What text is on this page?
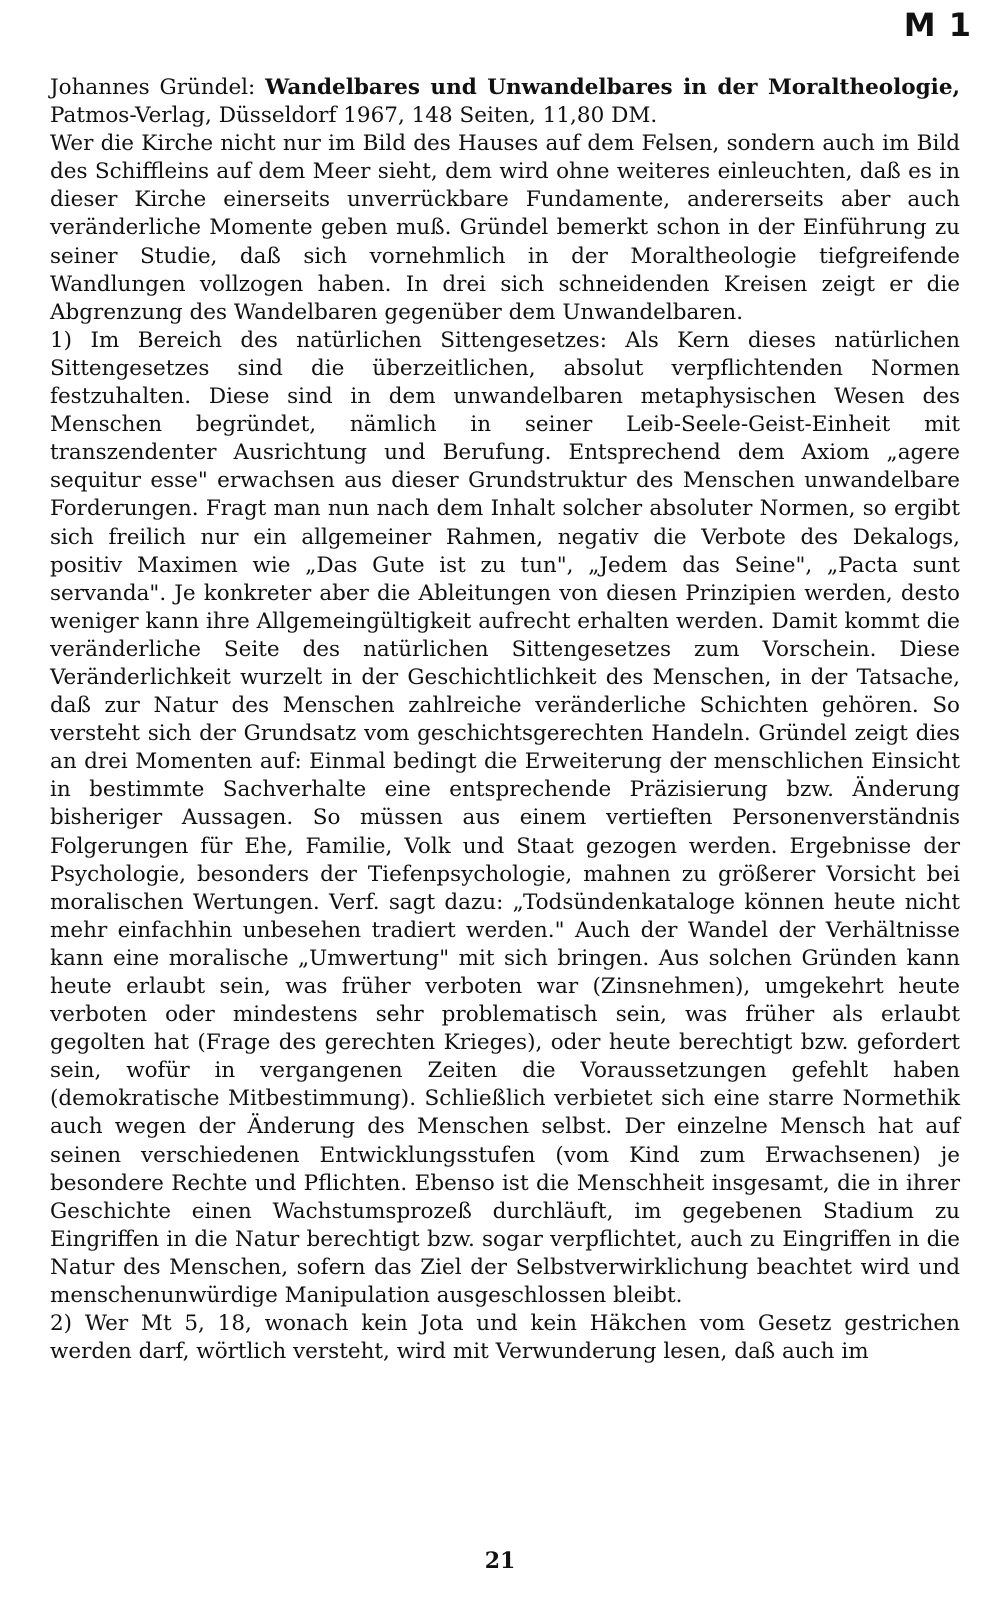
M 1

Johannes Gründel: Wandelbares und Unwandelbares in der Moraltheologie, Patmos-Verlag, Düsseldorf 1967, 148 Seiten, 11,80 DM.

Wer die Kirche nicht nur im Bild des Hauses auf dem Felsen, sondern auch im Bild des Schiffleins auf dem Meer sieht, dem wird ohne weiteres einleuchten, daß es in dieser Kirche einerseits unverrückbare Fundamente, andererseits aber auch veränderliche Momente geben muß. Gründel bemerkt schon in der Einführung zu seiner Studie, daß sich vornehmlich in der Moraltheologie tiefgreifende Wandlungen vollzogen haben. In drei sich schneidenden Kreisen zeigt er die Abgrenzung des Wandelbaren gegenüber dem Unwandelbaren.

1) Im Bereich des natürlichen Sittengesetzes: Als Kern dieses natürlichen Sittengesetzes sind die überzeitlichen, absolut verpflichtenden Normen festzuhalten. Diese sind in dem unwandelbaren metaphysischen Wesen des Menschen begründet, nämlich in seiner Leib-Seele-Geist-Einheit mit transzendenter Ausrichtung und Berufung. Entsprechend dem Axiom „agere sequitur esse" erwachsen aus dieser Grundstruktur des Menschen unwandelbare Forderungen. Fragt man nun nach dem Inhalt solcher absoluter Normen, so ergibt sich freilich nur ein allgemeiner Rahmen, negativ die Verbote des Dekalogs, positiv Maximen wie „Das Gute ist zu tun", „Jedem das Seine", „Pacta sunt servanda". Je konkreter aber die Ableitungen von diesen Prinzipien werden, desto weniger kann ihre Allgemeingültigkeit aufrecht erhalten werden. Damit kommt die veränderliche Seite des natürlichen Sittengesetzes zum Vorschein. Diese Veränderlichkeit wurzelt in der Geschichtlichkeit des Menschen, in der Tatsache, daß zur Natur des Menschen zahlreiche veränderliche Schichten gehören. So versteht sich der Grundsatz vom geschichtsgerechten Handeln. Gründel zeigt dies an drei Momenten auf: Einmal bedingt die Erweiterung der menschlichen Einsicht in bestimmte Sachverhalte eine entsprechende Präzisierung bzw. Änderung bisheriger Aussagen. So müssen aus einem vertieften Personenverständnis Folgerungen für Ehe, Familie, Volk und Staat gezogen werden. Ergebnisse der Psychologie, besonders der Tiefenpsychologie, mahnen zu größerer Vorsicht bei moralischen Wertungen. Verf. sagt dazu: „Todsündenkataloge können heute nicht mehr einfachhin unbesehen tradiert werden." Auch der Wandel der Verhältnisse kann eine moralische „Umwertung" mit sich bringen. Aus solchen Gründen kann heute erlaubt sein, was früher verboten war (Zinsnehmen), umgekehrt heute verboten oder mindestens sehr problematisch sein, was früher als erlaubt gegolten hat (Frage des gerechten Krieges), oder heute berechtigt bzw. gefordert sein, wofür in vergangenen Zeiten die Voraussetzungen gefehlt haben (demokratische Mitbestimmung). Schließlich verbietet sich eine starre Normethik auch wegen der Änderung des Menschen selbst. Der einzelne Mensch hat auf seinen verschiedenen Entwicklungsstufen (vom Kind zum Erwachsenen) je besondere Rechte und Pflichten. Ebenso ist die Menschheit insgesamt, die in ihrer Geschichte einen Wachstumsprozeß durchläuft, im gegebenen Stadium zu Eingriffen in die Natur berechtigt bzw. sogar verpflichtet, auch zu Eingriffen in die Natur des Menschen, sofern das Ziel der Selbstverwirklichung beachtet wird und menschenunwürdige Manipulation ausgeschlossen bleibt.

2) Wer Mt 5, 18, wonach kein Jota und kein Häkchen vom Gesetz gestrichen werden darf, wörtlich versteht, wird mit Verwunderung lesen, daß auch im

21
